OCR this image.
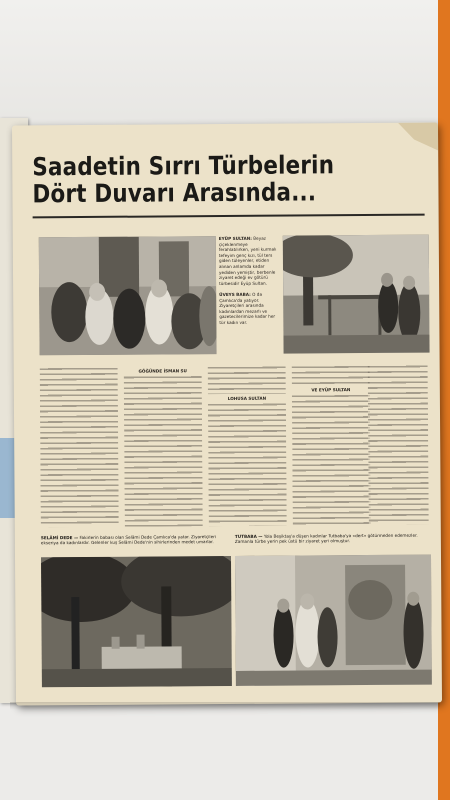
Saadetin Sırrı Türbelerin
Dört Duvarı Arasında...
EYÜP SULTAN: Beyaz çiçeklenmeye ferahlatılırken, yeni kurmalı tefeyim genç kızı, tül ters giden tüleyenler, etiden alınan anlamda kadar yediden yemiştir, berbenle ziyaret edeği ev götürü türbesidir Eyüp Sultan.
ÜVEYS BABA: O da Çamlıca'da yatıyor. Ziyaretçileri arasında kadınlardan mezarlı ve gazetecilerimize kadar her tür kadın var.
GÖĞÜNDE İSMAN SU
LOHUSA SULTAN
VE EYÜP SULTAN
SELÂMİ DEDE — Fakirlerin babası olan Selâmi Dede Çamlıca'da yatar. Ziyaretçileri ekseriya da kadınlardır. Gelenler kuş Selâmi Dede'nin sihirlerinden medet umarlar.
TUTBABA — Yola Beşiktaş'a düşen kadınlar Tutbaba'ya «dert» götürmeden edemezler. Zamanla türbe yerin pek üstü bir ziyaret yeri olmuştur.
